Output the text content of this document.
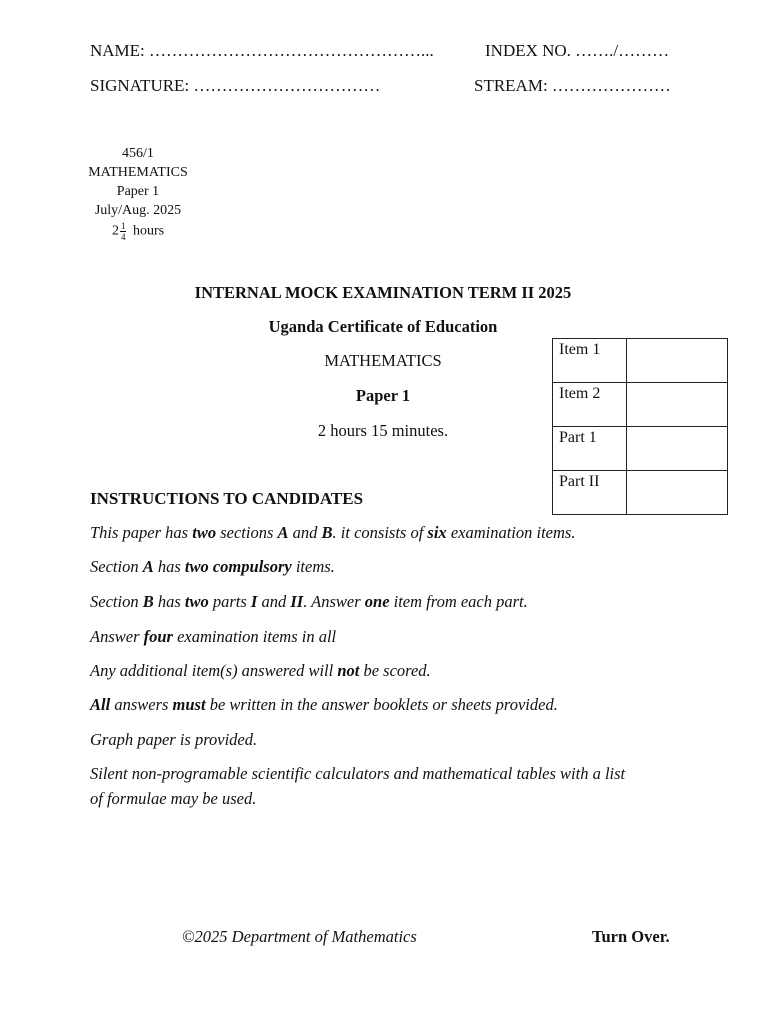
NAME: …………………………………………...	INDEX NO. ……./………
SIGNATURE: ……………………………	STREAM: …………………
456/1
MATHEMATICS
Paper 1
July/Aug. 2025
$2 \frac{1}{4}$ hours
INTERNAL MOCK EXAMINATION TERM II 2025
Uganda Certificate of Education
MATHEMATICS
Paper 1
2 hours 15 minutes.
Item 1	
Item 2	
Part 1	
Part II	
INSTRUCTIONS TO CANDIDATES
This paper has two sections A and B. it consists of six examination items.
Section A has two compulsory items.
Section B has two parts I and II. Answer one item from each part.
Answer four examination items in all
Any additional item(s) answered will not be scored.
All answers must be written in the answer booklets or sheets provided.
Graph paper is provided.
Silent non-programable scientific calculators and mathematical tables with a list
of formulae may be used.
©2025 Department of Mathematics	Turn Over.
